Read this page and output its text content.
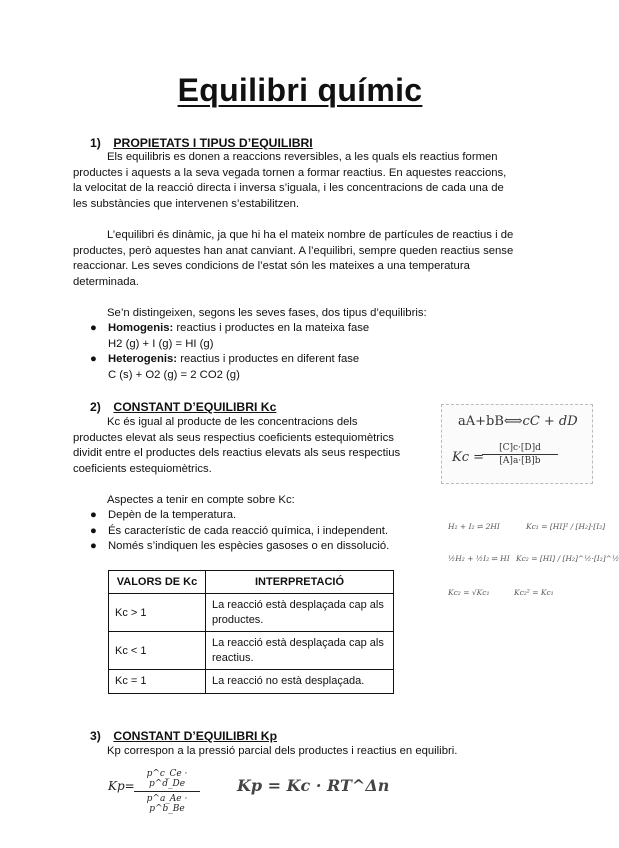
Equilibri químic
1) PROPIETATS I TIPUS D’EQUILIBRI

Els equilibris es donen a reaccions reversibles, a les quals els reactius formen productes i aquests a la seva vegada tornen a formar reactius. En aquestes reaccions, la velocitat de la reacció directa i inversa s’iguala, i les concentracions de cada una de les substàncies que intervenen s’estabilitzen.

L’equilibri és dinàmic, ja que hi ha el mateix nombre de partícules de reactius i de productes, però aquestes han anat canviant. A l’equilibri, sempre queden reactius sense reaccionar. Les seves condicions de l’estat són les mateixes a una temperatura determinada.

Se’n distingeixen, segons les seves fases, dos tipus d’equilibris:

● Homogenis: reactius i productes en la mateixa fase
H2 (g) + I (g) = HI (g)
● Heterogenis: reactius i productes en diferent fase
C (s) + O2 (g) = 2 CO2 (g)
2) CONSTANT D’EQUILIBRI Kc

Kc és igual al producte de les concentracions dels productes elevat als seus respectius coeficients estequiomètrics dividit entre el productes dels reactius elevats als seus respectius coeficients estequiomètrics.

Aspectes a tenir en compte sobre Kc:

● Depèn de la temperatura.
● És característic de cada reacció química, i independent.
● Només s’indiquen les espècies gasoses o en dissolució.
VALORS DE Kc	INTERPRETACIÓ
Kc > 1	La reacció està desplaçada cap als productes.
Kc < 1	La reacció està desplaçada cap als reactius.
Kc = 1	La reacció no està desplaçada.
aA+bB⟺cC + dD
Kc =
[C]c·[D]d
[A]a·[B]b
H₂ + I₂ ⇌ 2HI	Kc₁ = [HI]² / [H₂]·[I₂]
½H₂ + ½I₂ ⇌ HI Kc₂ = [HI] / [H₂]^½·[I₂]^½
Kc₂ = √Kc₁	Kc₂² = Kc₁
3) CONSTANT D’EQUILIBRI Kp

Kp correspon a la pressió parcial dels productes i reactius en equilibri.

Kp=
p^c_Ce · p^d_De
p^a_Ae · p^b_Be
Kp = Kc · RT^Δn
